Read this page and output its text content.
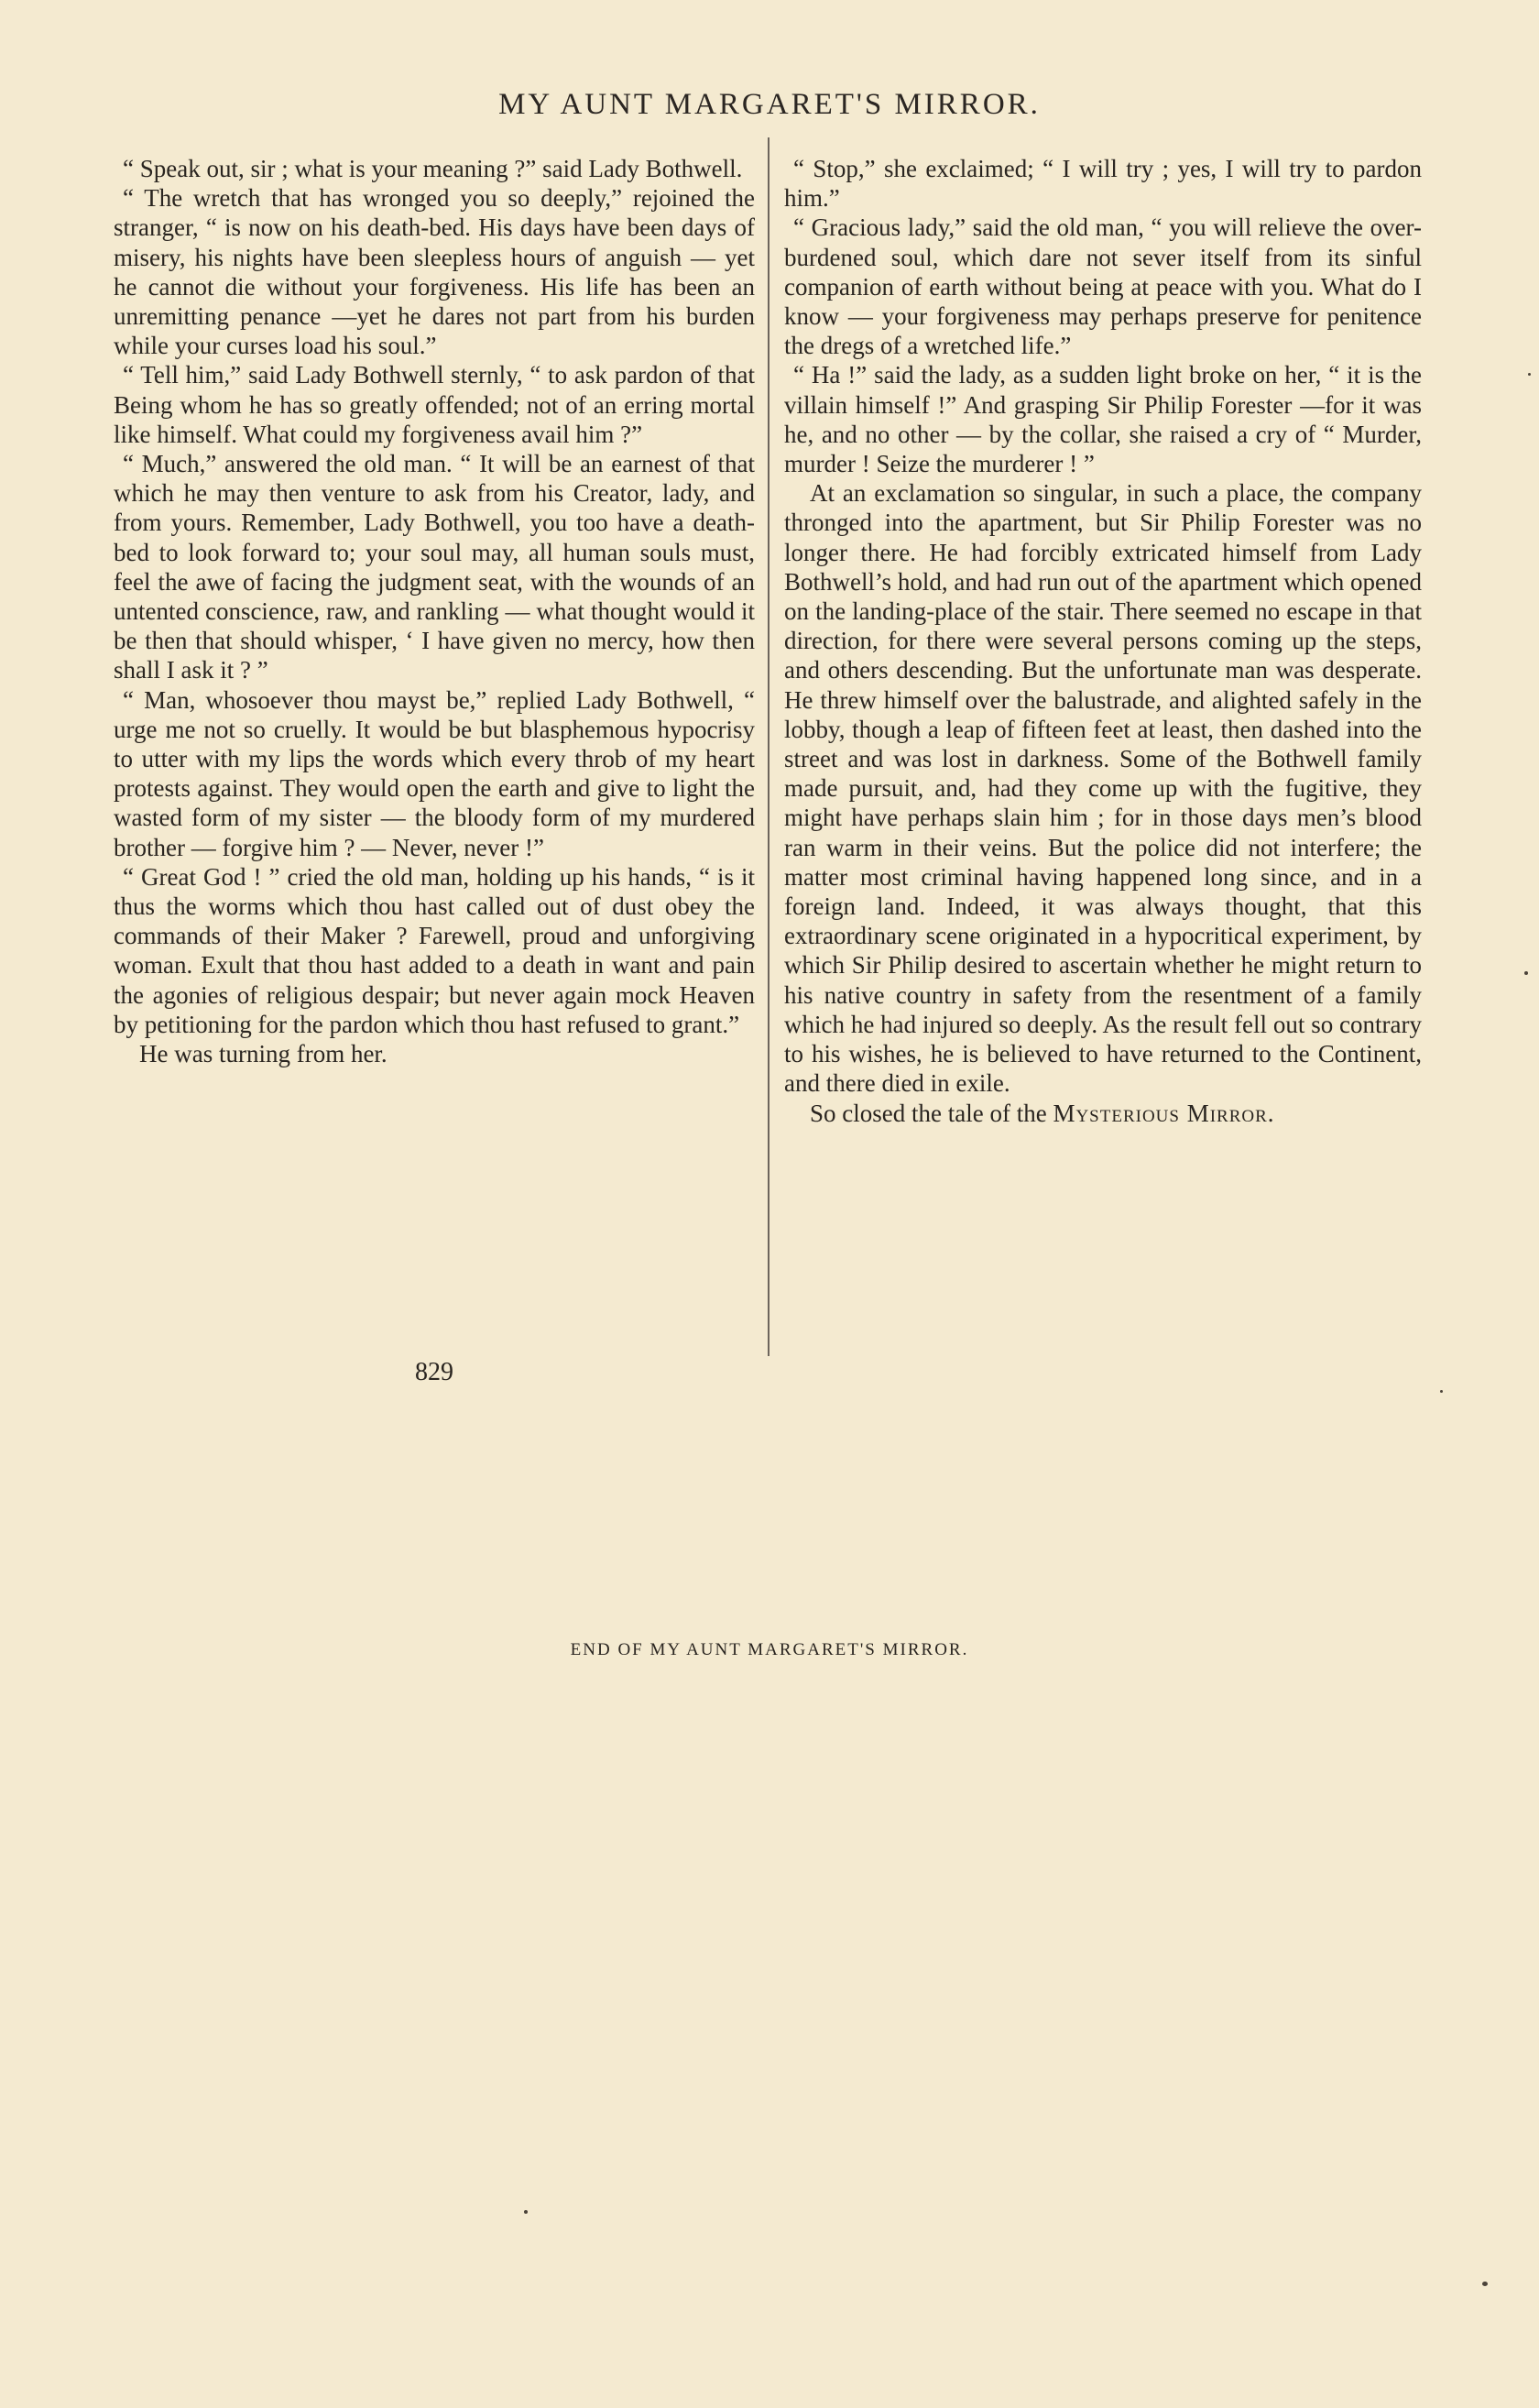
MY AUNT MARGARET'S MIRROR.

“ Speak out, sir ; what is your meaning ?” said Lady Bothwell.

“ The wretch that has wronged you so deeply,” rejoined the stranger, “ is now on his death-bed. His days have been days of misery, his nights have been sleepless hours of anguish — yet he cannot die without your forgiveness. His life has been an unremitting penance —yet he dares not part from his burden while your curses load his soul.”

“ Tell him,” said Lady Bothwell sternly, “ to ask pardon of that Being whom he has so greatly offended; not of an erring mortal like himself. What could my forgiveness avail him ?”

“ Much,” answered the old man. “ It will be an earnest of that which he may then venture to ask from his Creator, lady, and from yours. Remember, Lady Bothwell, you too have a death-bed to look forward to; your soul may, all human souls must, feel the awe of facing the judgment seat, with the wounds of an untented conscience, raw, and rankling — what thought would it be then that should whisper, ‘ I have given no mercy, how then shall I ask it ? ”

“ Man, whosoever thou mayst be,” replied Lady Bothwell, “ urge me not so cruelly. It would be but blasphemous hypocrisy to utter with my lips the words which every throb of my heart protests against. They would open the earth and give to light the wasted form of my sister — the bloody form of my murdered brother — forgive him ? — Never, never !”

“ Great God ! ” cried the old man, holding up his hands, “ is it thus the worms which thou hast called out of dust obey the commands of their Maker ? Farewell, proud and unforgiving woman. Exult that thou hast added to a death in want and pain the agonies of religious despair; but never again mock Heaven by petitioning for the pardon which thou hast refused to grant.”

He was turning from her.

829

“ Stop,” she exclaimed; “ I will try ; yes, I will try to pardon him.”

“ Gracious lady,” said the old man, “ you will relieve the over-burdened soul, which dare not sever itself from its sinful companion of earth without being at peace with you. What do I know — your forgiveness may perhaps preserve for penitence the dregs of a wretched life.”

“ Ha !” said the lady, as a sudden light broke on her, “ it is the villain himself !” And grasping Sir Philip Forester —for it was he, and no other — by the collar, she raised a cry of “ Murder, murder ! Seize the murderer ! ”

At an exclamation so singular, in such a place, the company thronged into the apartment, but Sir Philip Forester was no longer there. He had forcibly extricated himself from Lady Bothwell’s hold, and had run out of the apartment which opened on the landing-place of the stair. There seemed no escape in that direction, for there were several persons coming up the steps, and others descending. But the unfortunate man was desperate. He threw himself over the balustrade, and alighted safely in the lobby, though a leap of fifteen feet at least, then dashed into the street and was lost in darkness. Some of the Bothwell family made pursuit, and, had they come up with the fugitive, they might have perhaps slain him ; for in those days men’s blood ran warm in their veins. But the police did not interfere; the matter most criminal having happened long since, and in a foreign land. Indeed, it was always thought, that this extraordinary scene originated in a hypocritical experiment, by which Sir Philip desired to ascertain whether he might return to his native country in safety from the resentment of a family which he had injured so deeply. As the result fell out so contrary to his wishes, he is believed to have returned to the Continent, and there died in exile.

So closed the tale of the Mysterious Mirror.

END OF MY AUNT MARGARET'S MIRROR.
